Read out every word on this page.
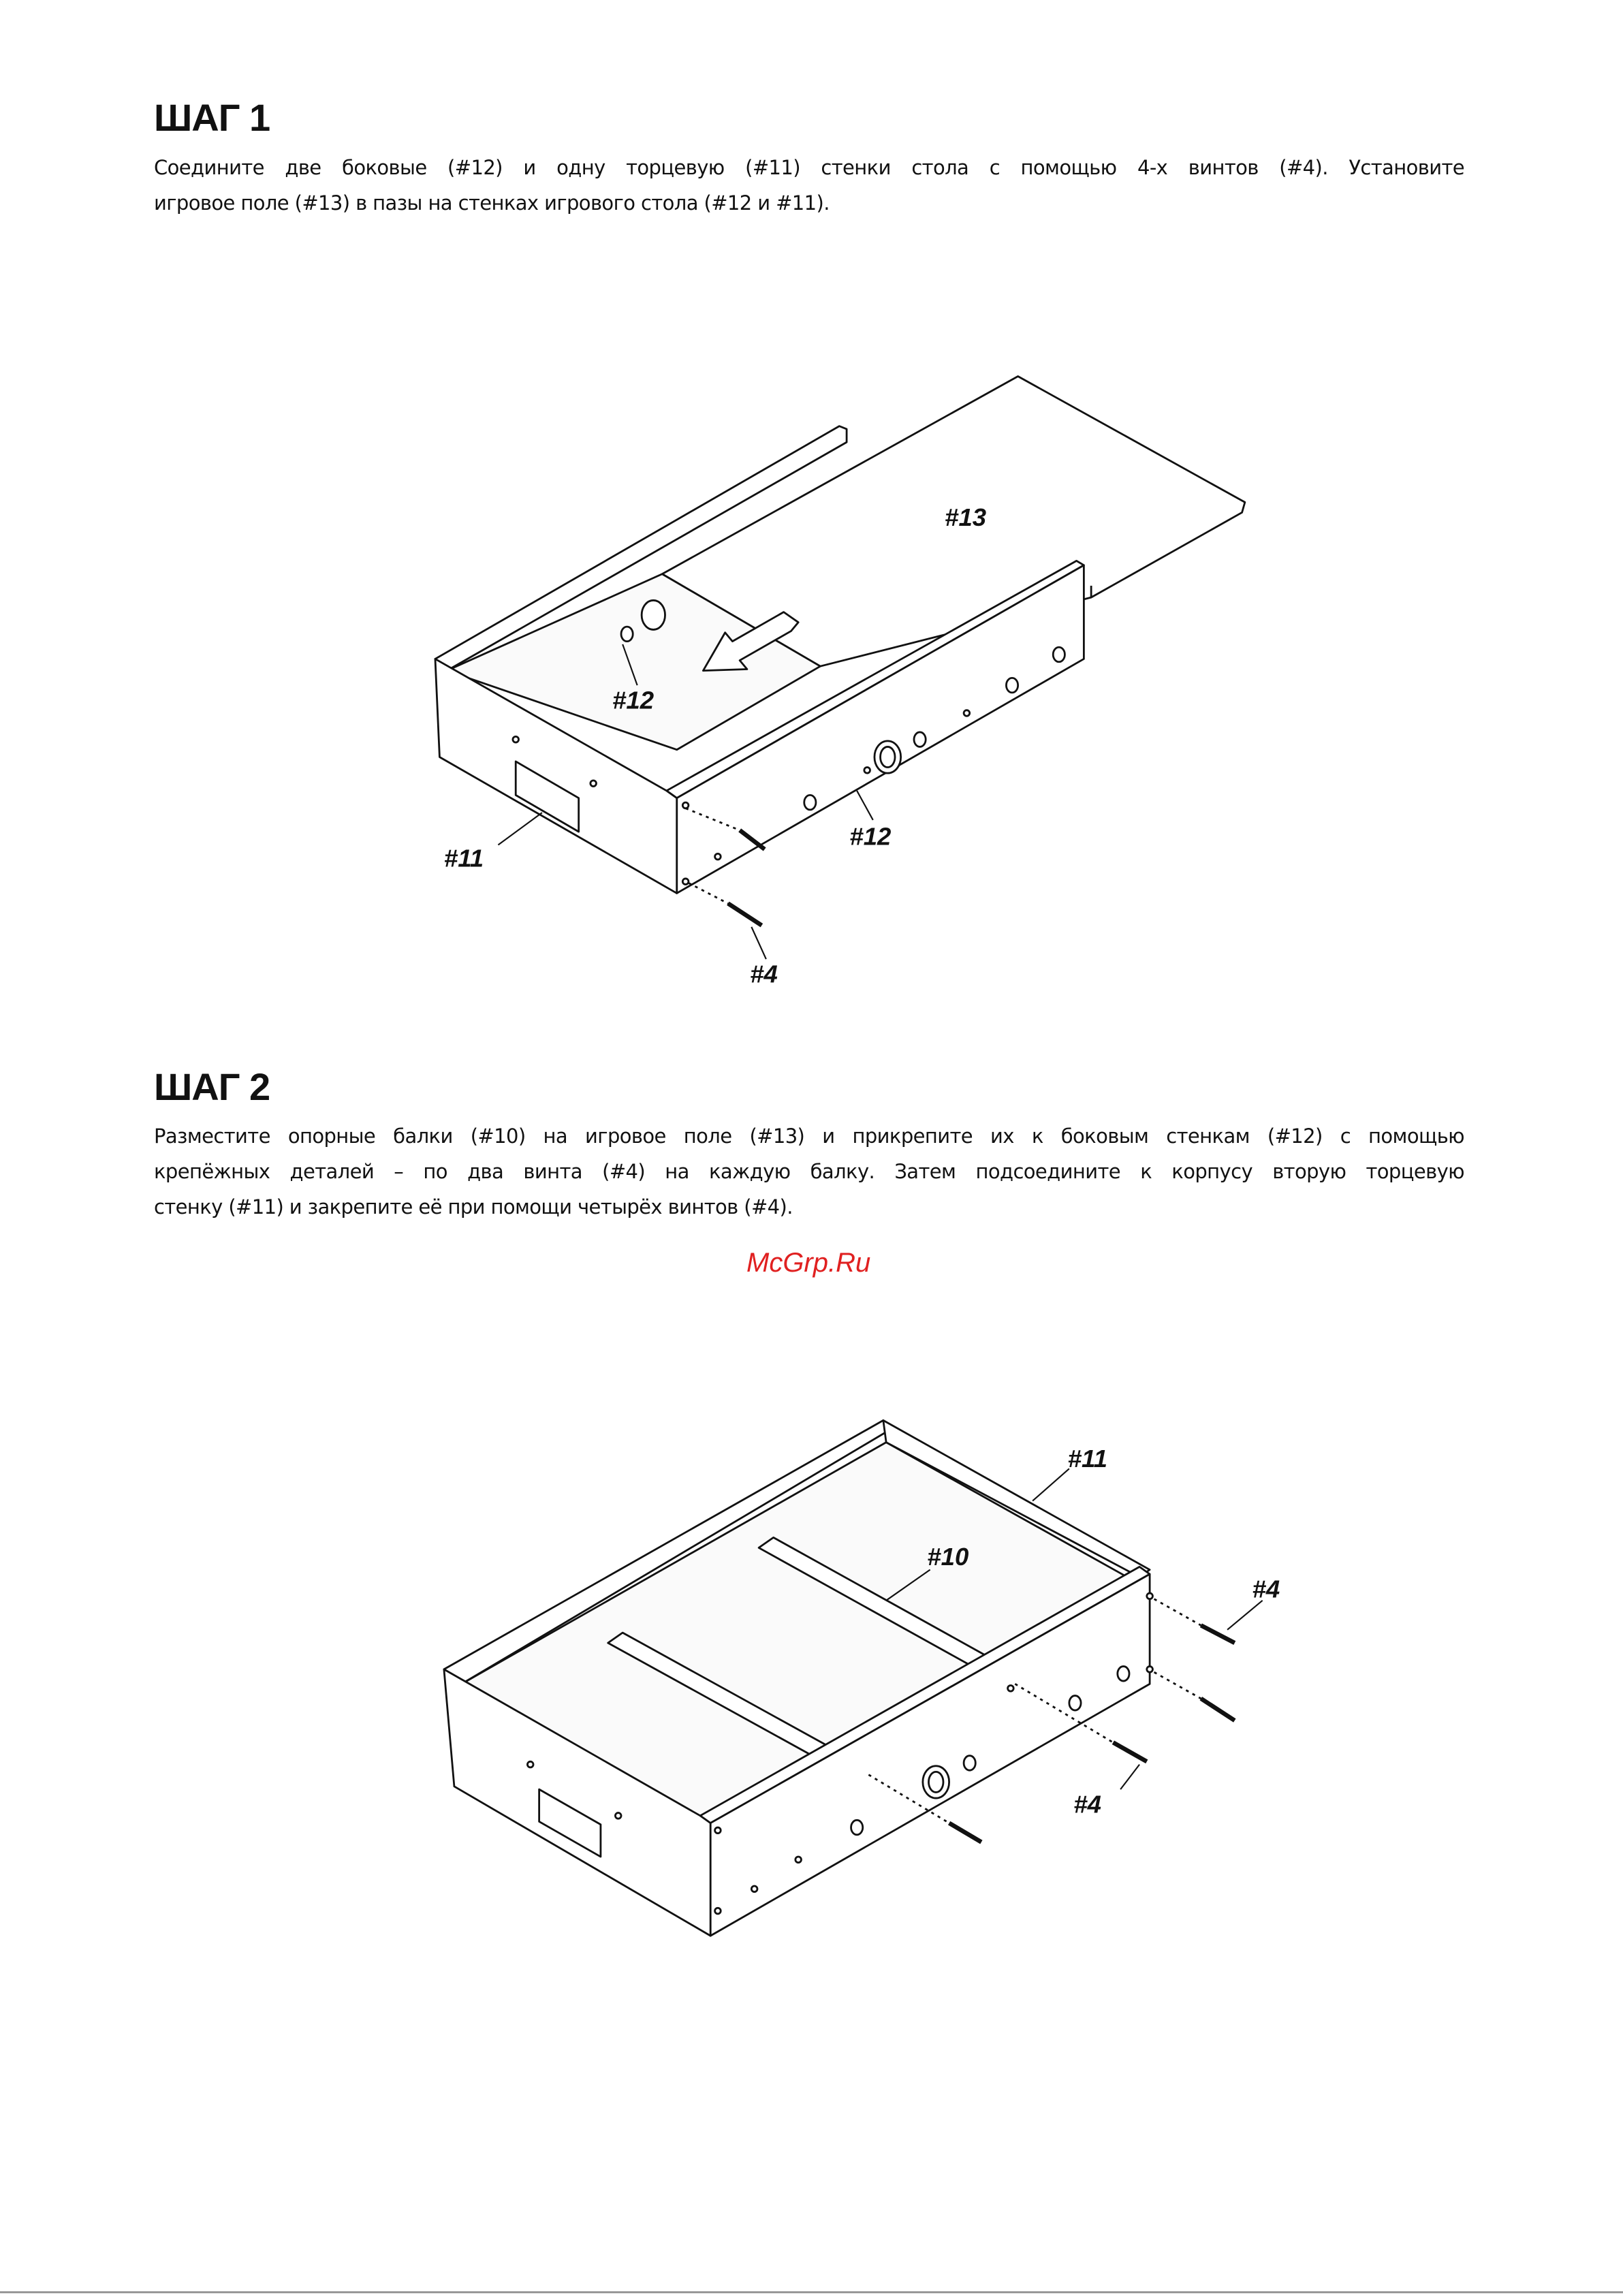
ШАГ 1
Соедините две боковые (#12) и одну торцевую (#11) стенки стола с помощью 4-х винтов (#4). Установите
игровое поле (#13) в пазы на стенках игрового стола (#12 и #11).
ШАГ 2
Разместите опорные балки (#10) на игровое поле (#13) и прикрепите их к боковым стенкам (#12) с помощью
крепёжных деталей – по два винта (#4) на каждую балку. Затем подсоедините к корпусу вторую торцевую
стенку (#11) и закрепите её при помощи четырёх винтов (#4).
#13
#12
#12
#11
#4
#11
#10
#4
#4
McGrp.Ru
